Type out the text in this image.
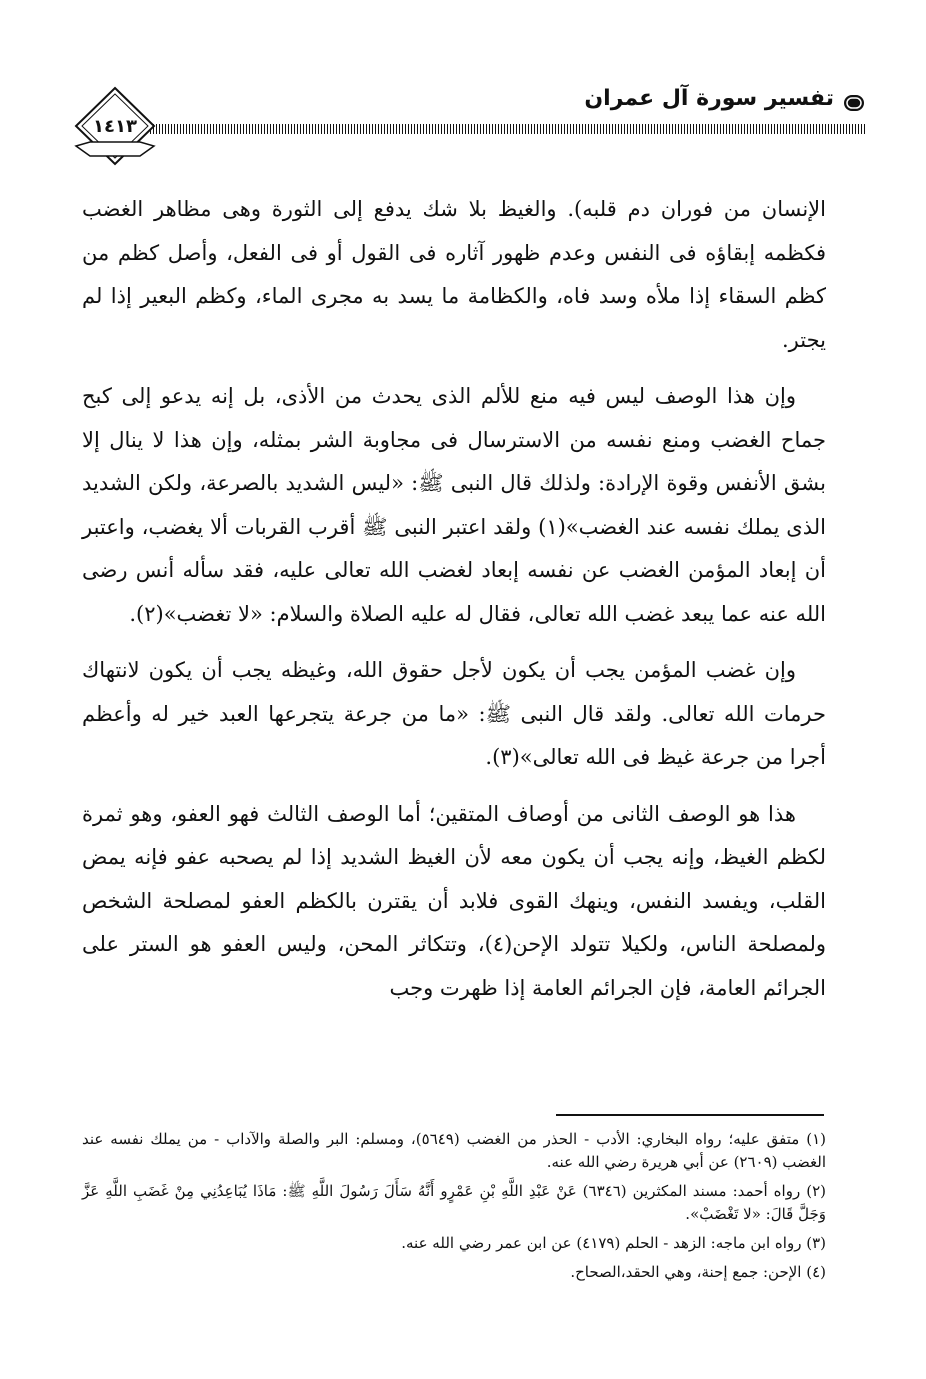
تفسير سورة آل عمران
١٤١٣

الإنسان من فوران دم قلبه). والغيظ بلا شك يدفع إلى الثورة وهى مظاهر الغضب فكظمه إبقاؤه فى النفس وعدم ظهور آثاره فى القول أو فى الفعل، وأصل كظم من كظم السقاء إذا ملأه وسد فاه، والكظامة ما يسد به مجرى الماء، وكظم البعير إذا لم يجتر.

وإن هذا الوصف ليس فيه منع للألم الذى يحدث من الأذى، بل إنه يدعو إلى كبح جماح الغضب ومنع نفسه من الاسترسال فى مجاوبة الشر بمثله، وإن هذا لا ينال إلا بشق الأنفس وقوة الإرادة: ولذلك قال النبى ﷺ: «ليس الشديد بالصرعة، ولكن الشديد الذى يملك نفسه عند الغضب»(١) ولقد اعتبر النبى ﷺ أقرب القربات ألا يغضب، واعتبر أن إبعاد المؤمن الغضب عن نفسه إبعاد لغضب الله تعالى عليه، فقد سأله أنس رضى الله عنه عما يبعد غضب الله تعالى، فقال له عليه الصلاة والسلام: «لا تغضب»(٢).

وإن غضب المؤمن يجب أن يكون لأجل حقوق الله، وغيظه يجب أن يكون لانتهاك حرمات الله تعالى. ولقد قال النبى ﷺ: «ما من جرعة يتجرعها العبد خير له وأعظم أجرا من جرعة غيظ فى الله تعالى»(٣).

هذا هو الوصف الثانى من أوصاف المتقين؛ أما الوصف الثالث فهو العفو، وهو ثمرة لكظم الغيظ، وإنه يجب أن يكون معه لأن الغيظ الشديد إذا لم يصحبه عفو فإنه يمض القلب، ويفسد النفس، وينهك القوى فلابد أن يقترن بالكظم العفو لمصلحة الشخص ولمصلحة الناس، ولكيلا تتولد الإحن(٤)، وتتكاثر المحن، وليس العفو هو الستر على الجرائم العامة، فإن الجرائم العامة إذا ظهرت وجب

(١) متفق عليه؛ رواه البخاري: الأدب - الحذر من الغضب (٥٦٤٩)، ومسلم: البر والصلة والآداب - من يملك نفسه عند الغضب (٢٦٠٩) عن أبي هريرة رضي الله عنه.

(٢) رواه أحمد: مسند المكثرين (٦٣٤٦) عَنْ عَبْدِ اللَّهِ بْنِ عَمْرٍو أَنَّهُ سَأَلَ رَسُولَ اللَّهِ ﷺ: مَاذَا يُبَاعِدُنِي مِنْ غَضَبِ اللَّهِ عَزَّ وَجَلَّ قَالَ: «لا تَغْضَبْ».

(٣) رواه ابن ماجه: الزهد - الحلم (٤١٧٩) عن ابن عمر رضي الله عنه.

(٤) الإحن: جمع إحنة، وهي الحقد،الصحاح.
